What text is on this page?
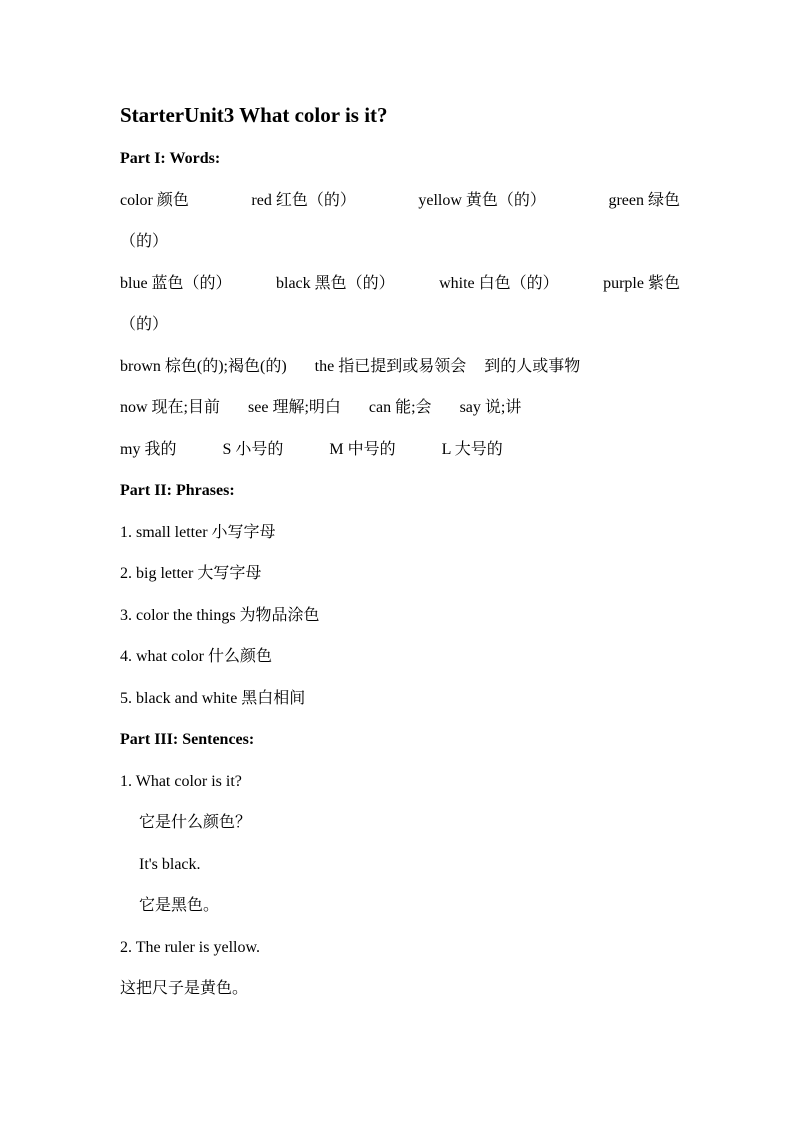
StarterUnit3 What color is it?
Part I: Words:
color 颜色	red 红色（的）	yellow 黄色（的）	green 绿色
（的）
blue 蓝色（的）	black 黑色（的）	white 白色（的）	purple 紫色
（的）
brown 棕色(的);褐色(的) the 指已提到或易领会 到的人或事物
now 现在;目前 see 理解;明白 can 能;会 say 说;讲
my 我的	S 小号的	M 中号的	L 大号的
Part II: Phrases:
1. small letter 小写字母
2. big letter 大写字母
3. color the things 为物品涂色
4. what color 什么颜色
5. black and white 黑白相间
Part III: Sentences:
1. What color is it?
它是什么颜色？
It's black.
它是黑色。
2. The ruler is yellow.
这把尺子是黄色。
